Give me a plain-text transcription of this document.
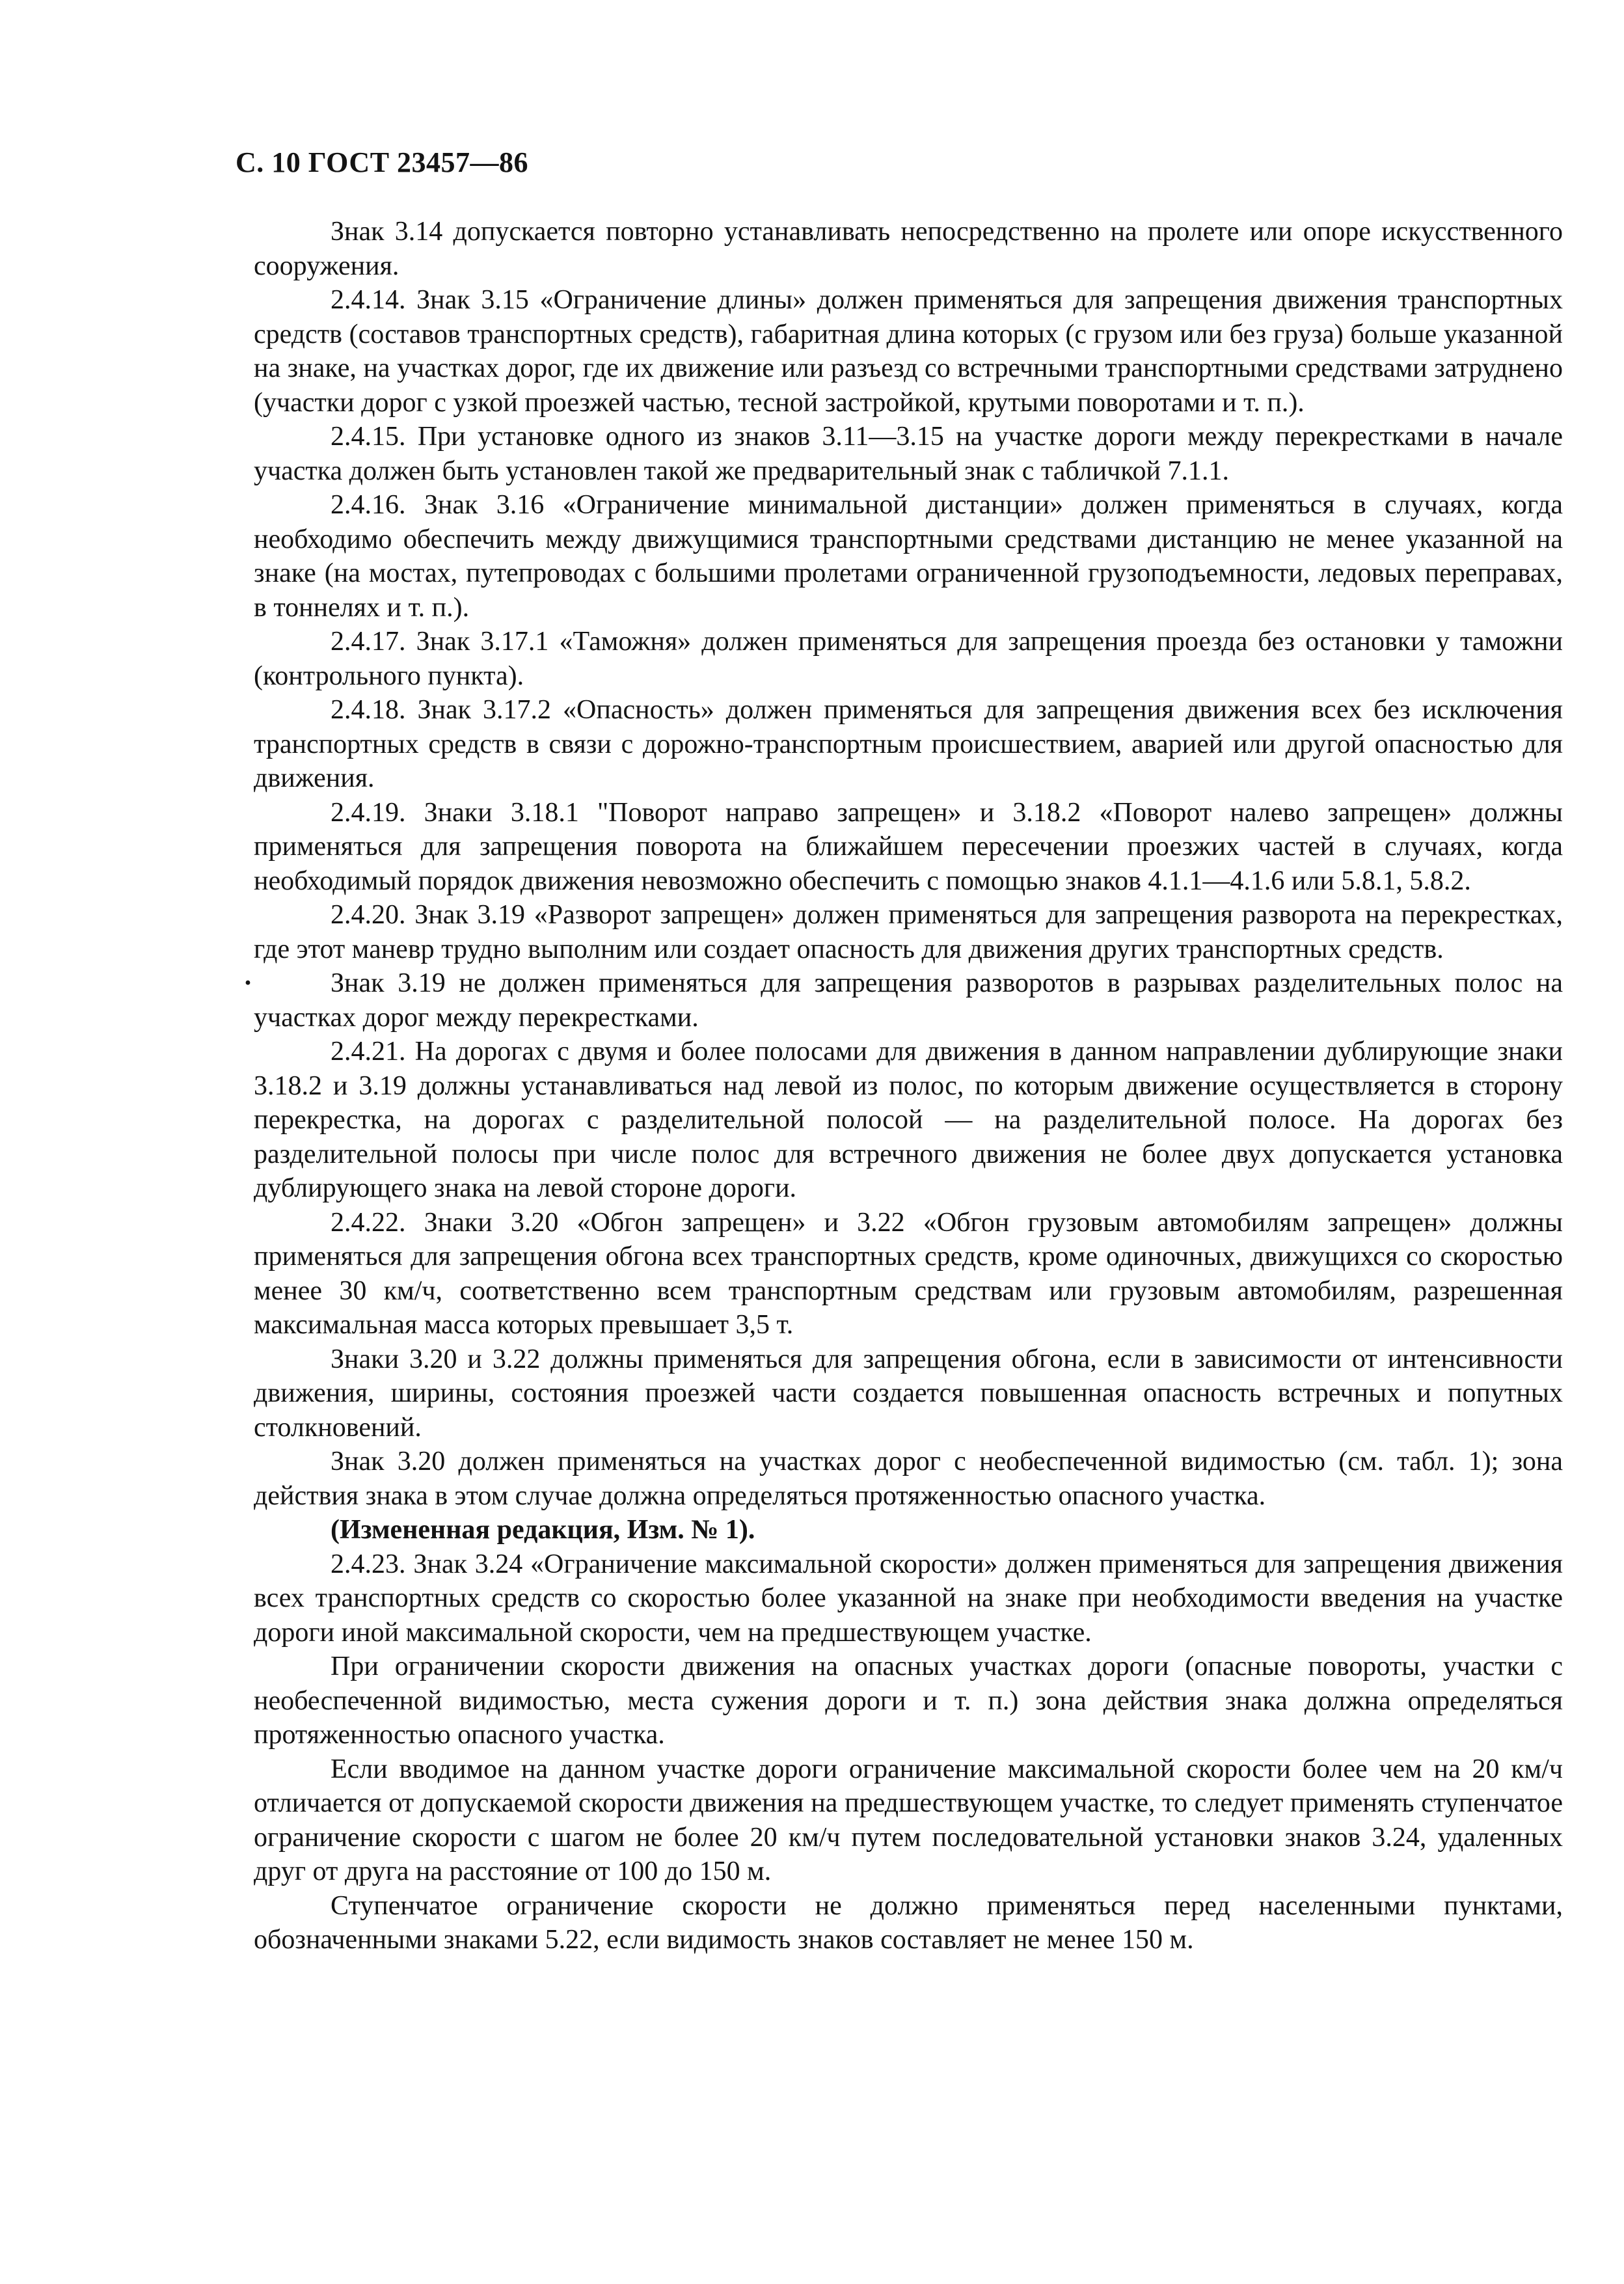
С. 10 ГОСТ 23457—86

Знак 3.14 допускается повторно устанавливать непосредственно на пролете или опоре искусственного сооружения.

2.4.14. Знак 3.15 «Ограничение длины» должен применяться для запрещения движения транспортных средств (составов транспортных средств), габаритная длина которых (с грузом или без груза) больше указанной на знаке, на участках дорог, где их движение или разъезд со встречными транспортными средствами затруднено (участки дорог с узкой проезжей частью, тесной застройкой, крутыми поворотами и т. п.).

2.4.15. При установке одного из знаков 3.11—3.15 на участке дороги между перекрестками в начале участка должен быть установлен такой же предварительный знак с табличкой 7.1.1.

2.4.16. Знак 3.16 «Ограничение минимальной дистанции» должен применяться в случаях, когда необходимо обеспечить между движущимися транспортными средствами дистанцию не менее указанной на знаке (на мостах, путепроводах с большими пролетами ограниченной грузоподъемности, ледовых переправах, в тоннелях и т. п.).

2.4.17. Знак 3.17.1 «Таможня» должен применяться для запрещения проезда без остановки у таможни (контрольного пункта).

2.4.18. Знак 3.17.2 «Опасность» должен применяться для запрещения движения всех без исключения транспортных средств в связи с дорожно-транспортным происшествием, аварией или другой опасностью для движения.

2.4.19. Знаки 3.18.1 "Поворот направо запрещен» и 3.18.2 «Поворот налево запрещен» должны применяться для запрещения поворота на ближайшем пересечении проезжих частей в случаях, когда необходимый порядок движения невозможно обеспечить с помощью знаков 4.1.1—4.1.6 или 5.8.1, 5.8.2.

2.4.20. Знак 3.19 «Разворот запрещен» должен применяться для запрещения разворота на перекрестках, где этот маневр трудно выполним или создает опасность для движения других транспортных средств.

·	Знак 3.19 не должен применяться для запрещения разворотов в разрывах разделительных полос на участках дорог между перекрестками.

2.4.21. На дорогах с двумя и более полосами для движения в данном направлении дублирующие знаки 3.18.2 и 3.19 должны устанавливаться над левой из полос, по которым движение осуществляется в сторону перекрестка, на дорогах с разделительной полосой — на разделительной полосе. На дорогах без разделительной полосы при числе полос для встречного движения не более двух допускается установка дублирующего знака на левой стороне дороги.

2.4.22. Знаки 3.20 «Обгон запрещен» и 3.22 «Обгон грузовым автомобилям запрещен» должны применяться для запрещения обгона всех транспортных средств, кроме одиночных, движущихся со скоростью менее 30 км/ч, соответственно всем транспортным средствам или грузовым автомобилям, разрешенная максимальная масса которых превышает 3,5 т.

Знаки 3.20 и 3.22 должны применяться для запрещения обгона, если в зависимости от интенсивности движения, ширины, состояния проезжей части создается повышенная опасность встречных и попутных столкновений.

Знак 3.20 должен применяться на участках дорог с необеспеченной видимостью (см. табл. 1); зона действия знака в этом случае должна определяться протяженностью опасного участка.

(Измененная редакция, Изм. № 1).

2.4.23. Знак 3.24 «Ограничение максимальной скорости» должен применяться для запрещения движения всех транспортных средств со скоростью более указанной на знаке при необходимости введения на участке дороги иной максимальной скорости, чем на предшествующем участке.

При ограничении скорости движения на опасных участках дороги (опасные повороты, участки с необеспеченной видимостью, места сужения дороги и т. п.) зона действия знака должна определяться протяженностью опасного участка.

Если вводимое на данном участке дороги ограничение максимальной скорости более чем на 20 км/ч отличается от допускаемой скорости движения на предшествующем участке, то следует применять ступенчатое ограничение скорости с шагом не более 20 км/ч путем последовательной установки знаков 3.24, удаленных друг от друга на расстояние от 100 до 150 м.

Ступенчатое ограничение скорости не должно применяться перед населенными пунктами, обозначенными знаками 5.22, если видимость знаков составляет не менее 150 м.
